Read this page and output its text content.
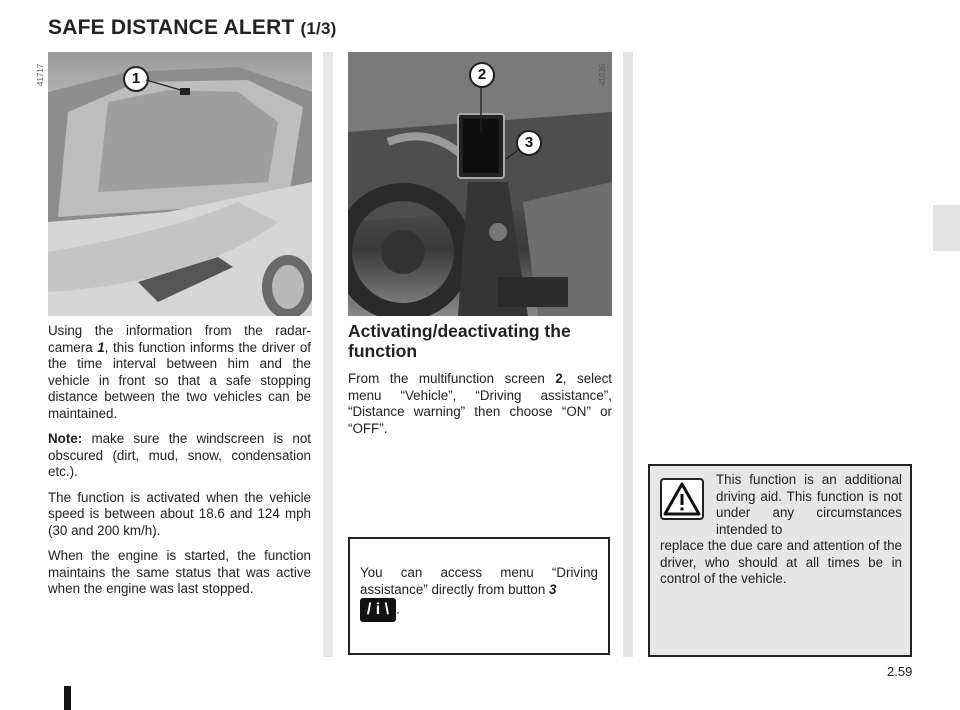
SAFE DISTANCE ALERT (1/3)
41717	1	41636
2
3

Using the information from the radar-camera 1, this function informs the driver of the time interval between him and the vehicle in front so that a safe stopping distance between the two vehicles can be maintained.

Note: make sure the windscreen is not obscured (dirt, mud, snow, condensation etc.).

The function is activated when the vehicle speed is between about 18.6 and 124 mph (30 and 200 km/h).

When the engine is started, the function maintains the same status that was active when the engine was last stopped.

Activating/deactivating the function

From the multifunction screen 2, select menu “Vehicle”, “Driving assistance”, “Distance warning” then choose “ON” or “OFF”.

You can access menu “Driving assistance” directly from button 3
/ i \ .
This function is an additional driving aid. This function is not under any circumstances intended to
replace the due care and attention of the driver, who should at all times be in control of the vehicle.
2.59
